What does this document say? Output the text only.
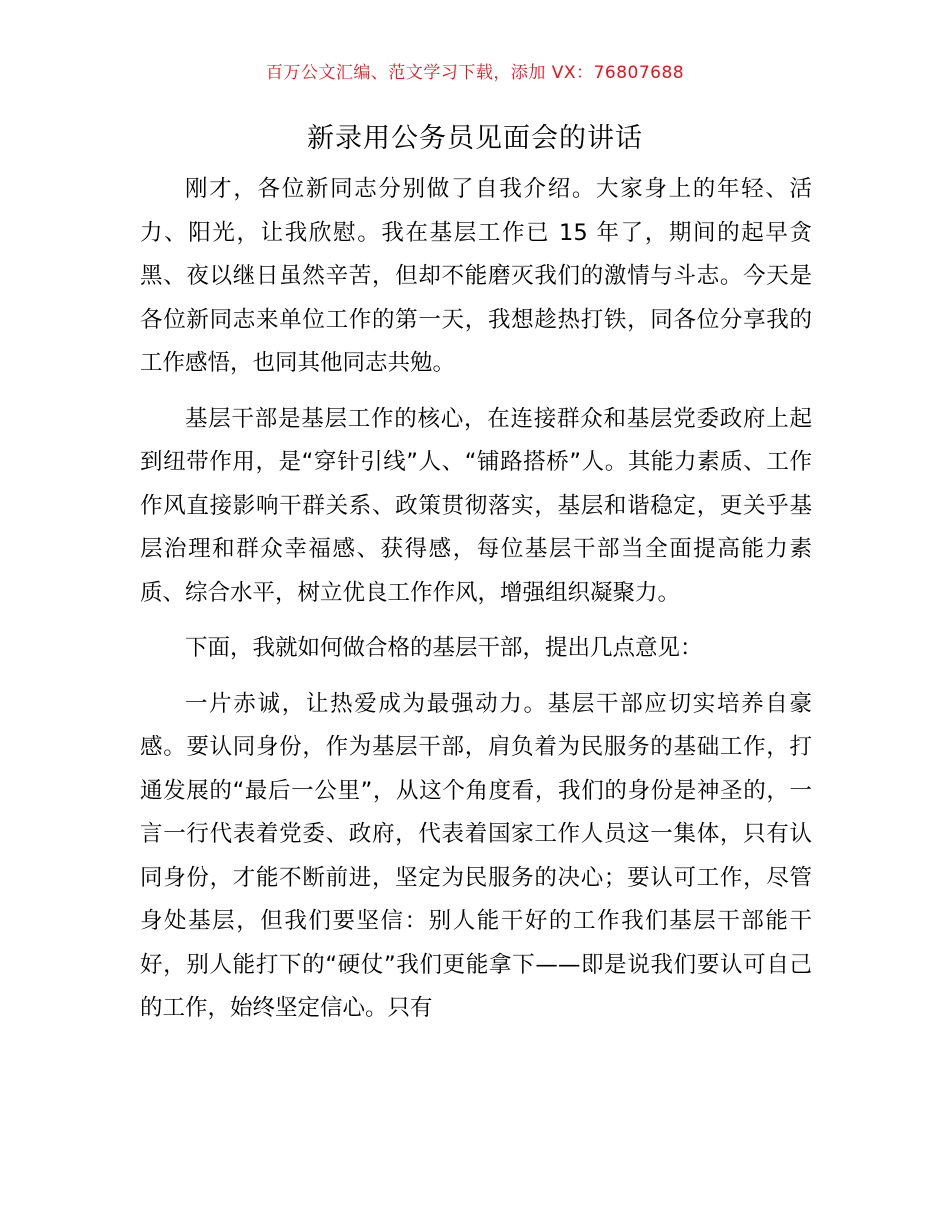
百万公文汇编、范文学习下载，添加 VX：76807688
新录用公务员见面会的讲话

刚才，各位新同志分别做了自我介绍。大家身上的年轻、活力、阳光，让我欣慰。我在基层工作已 15 年了，期间的起早贪黑、夜以继日虽然辛苦，但却不能磨灭我们的激情与斗志。今天是各位新同志来单位工作的第一天，我想趁热打铁，同各位分享我的工作感悟，也同其他同志共勉。

基层干部是基层工作的核心，在连接群众和基层党委政府上起到纽带作用，是“穿针引线”人、“铺路搭桥”人。其能力素质、工作作风直接影响干群关系、政策贯彻落实，基层和谐稳定，更关乎基层治理和群众幸福感、获得感，每位基层干部当全面提高能力素质、综合水平，树立优良工作作风，增强组织凝聚力。

下面，我就如何做合格的基层干部，提出几点意见：

一片赤诚，让热爱成为最强动力。基层干部应切实培养自豪感。要认同身份，作为基层干部，肩负着为民服务的基础工作，打通发展的“最后一公里”，从这个角度看，我们的身份是神圣的，一言一行代表着党委、政府，代表着国家工作人员这一集体，只有认同身份，才能不断前进，坚定为民服务的决心；要认可工作，尽管身处基层，但我们要坚信：别人能干好的工作我们基层干部能干好，别人能打下的“硬仗”我们更能拿下——即是说我们要认可自己的工作，始终坚定信心。只有
